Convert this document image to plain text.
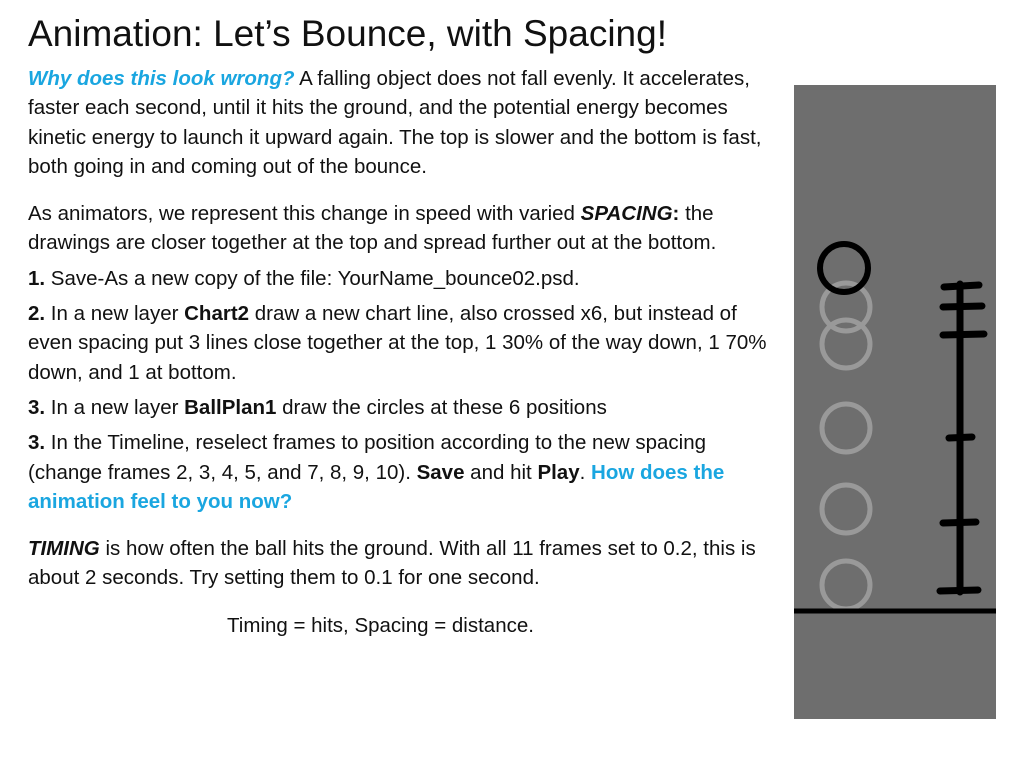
Animation: Let’s Bounce, with Spacing!

Why does this look wrong? A falling object does not fall evenly. It accelerates, faster each second, until it hits the ground, and the potential energy becomes kinetic energy to launch it upward again. The top is slower and the bottom is fast, both going in and coming out of the bounce.

As animators, we represent this change in speed with varied SPACING: the drawings are closer together at the top and spread further out at the bottom.

1. Save-As a new copy of the file: YourName_bounce02.psd.

2. In a new layer Chart2 draw a new chart line, also crossed x6, but instead of even spacing put 3 lines close together at the top, 1 30% of the way down, 1 70% down, and 1 at bottom.

3. In a new layer BallPlan1 draw the circles at these 6 positions

3. In the Timeline, reselect frames to position according to the new spacing (change frames 2, 3, 4, 5, and 7, 8, 9, 10). Save and hit Play. How does the animation feel to you now?

TIMING is how often the ball hits the ground. With all 11 frames set to 0.2, this is about 2 seconds. Try setting them to 0.1 for one second.

Timing = hits, Spacing = distance.
